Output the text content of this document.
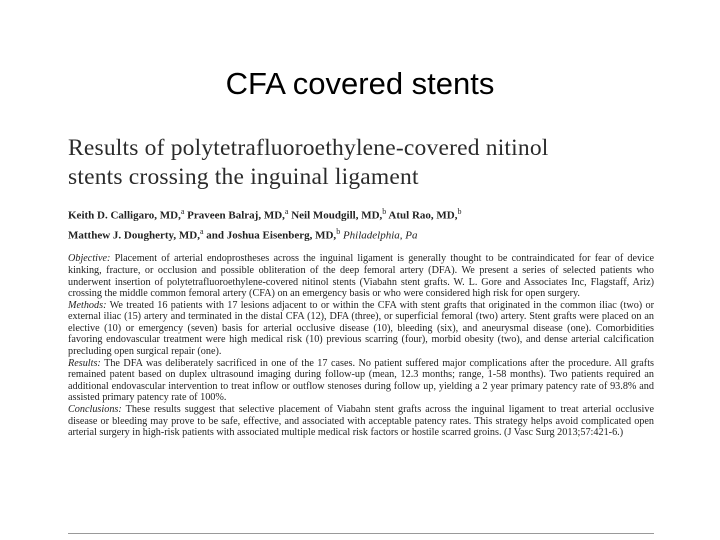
CFA covered stents
Results of polytetrafluoroethylene-covered nitinol
stents crossing the inguinal ligament
Keith D. Calligaro, MD,$^a$ Praveen Balraj, MD,$^a$ Neil Moudgill, MD,$^b$ Atul Rao, MD,$^b$
Matthew J. Dougherty, MD,$^a$ and Joshua Eisenberg, MD,$^b$ Philadelphia, Pa

Objective: Placement of arterial endoprostheses across the inguinal ligament is generally thought to be contraindicated for fear of device kinking, fracture, or occlusion and possible obliteration of the deep femoral artery (DFA). We present a series of selected patients who underwent insertion of polytetrafluoroethylene-covered nitinol stents (Viabahn stent grafts. W. L. Gore and Associates Inc, Flagstaff, Ariz) crossing the middle common femoral artery (CFA) on an emergency basis or who were considered high risk for open surgery.

Methods: We treated 16 patients with 17 lesions adjacent to or within the CFA with stent grafts that originated in the common iliac (two) or external iliac (15) artery and terminated in the distal CFA (12), DFA (three), or superficial femoral (two) artery. Stent grafts were placed on an elective (10) or emergency (seven) basis for arterial occlusive disease (10), bleeding (six), and aneurysmal disease (one). Comorbidities favoring endovascular treatment were high medical risk (10) previous scarring (four), morbid obesity (two), and dense arterial calcification precluding open surgical repair (one).

Results: The DFA was deliberately sacrificed in one of the 17 cases. No patient suffered major complications after the procedure. All grafts remained patent based on duplex ultrasound imaging during follow-up (mean, 12.3 months; range, 1-58 months). Two patients required an additional endovascular intervention to treat inflow or outflow stenoses during follow up, yielding a 2 year primary patency rate of 93.8% and assisted primary patency rate of 100%.

Conclusions: These results suggest that selective placement of Viabahn stent grafts across the inguinal ligament to treat arterial occlusive disease or bleeding may prove to be safe, effective, and associated with acceptable patency rates. This strategy helps avoid complicated open arterial surgery in high-risk patients with associated multiple medical risk factors or hostile scarred groins. (J Vasc Surg 2013;57:421-6.)
